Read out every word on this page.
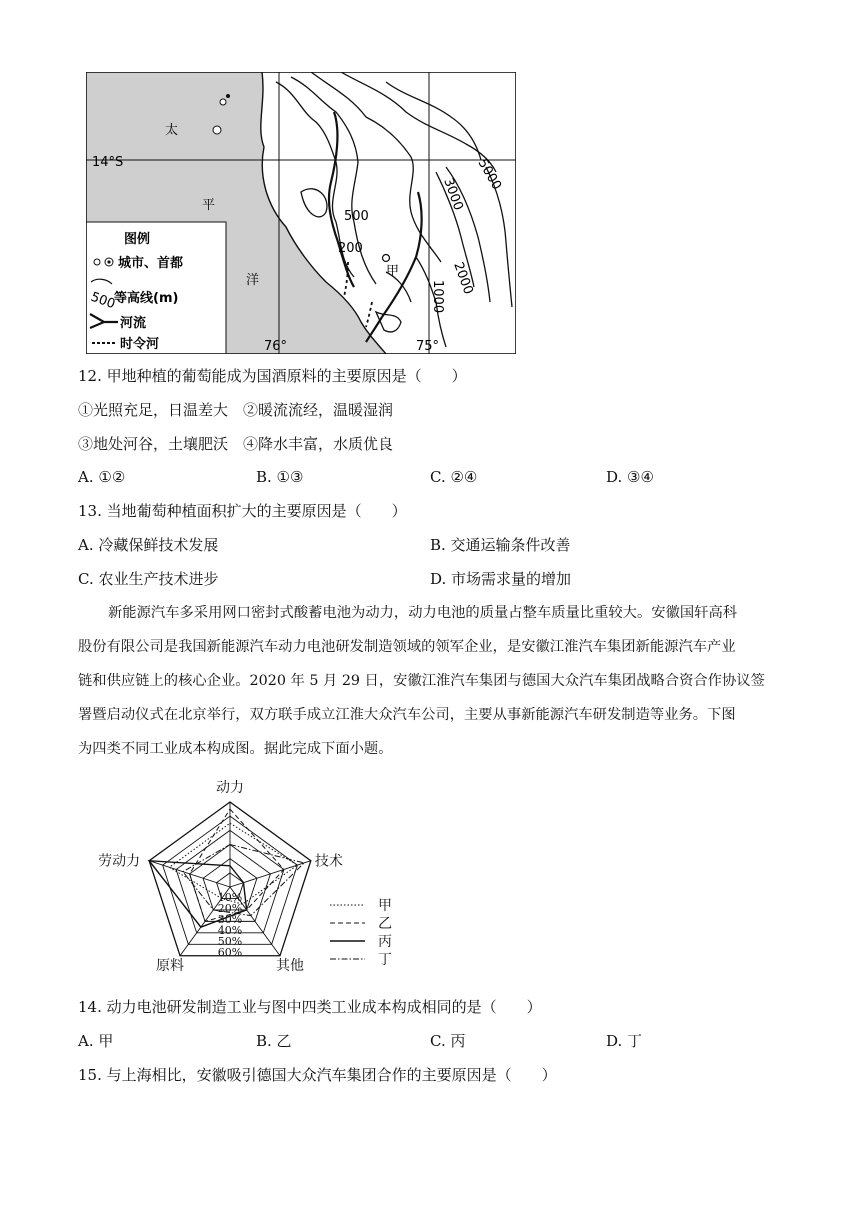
太
平
洋
14°S
甲
5000
3000
500
200
2000
1000
76°	75°
图例
城市、首都
500
等高线(m)
河流
时令河
12. 甲地种植的葡萄能成为国酒原料的主要原因是（　　）
①光照充足，日温差大　②暖流流经，温暖湿润
③地处河谷，土壤肥沃　④降水丰富，水质优良
A. ①②	B. ①③	C. ②④	D. ③④
13. 当地葡萄种植面积扩大的主要原因是（　　）
A. 冷藏保鲜技术发展	B. 交通运输条件改善
C. 农业生产技术进步	D. 市场需求量的增加
新能源汽车多采用网口密封式酸蓄电池为动力，动力电池的质量占整车质量比重较大。安徽国轩高科
股份有限公司是我国新能源汽车动力电池研发制造领域的领军企业，是安徽江淮汽车集团新能源汽车产业
链和供应链上的核心企业。2020 年 5 月 29 日，安徽江淮汽车集团与德国大众汽车集团战略合资合作协议签
署暨启动仪式在北京举行，双方联手成立江淮大众汽车公司，主要从事新能源汽车研发制造等业务。下图
为四类不同工业成本构成图。据此完成下面小题。
10%
20%
30%
40%
50%
60%
动力
技术
其他
原料
劳动力
甲
乙
丙
丁
14. 动力电池研发制造工业与图中四类工业成本构成相同的是（　　）
A. 甲	B. 乙	C. 丙	D. 丁
15. 与上海相比，安徽吸引德国大众汽车集团合作的主要原因是（　　）
